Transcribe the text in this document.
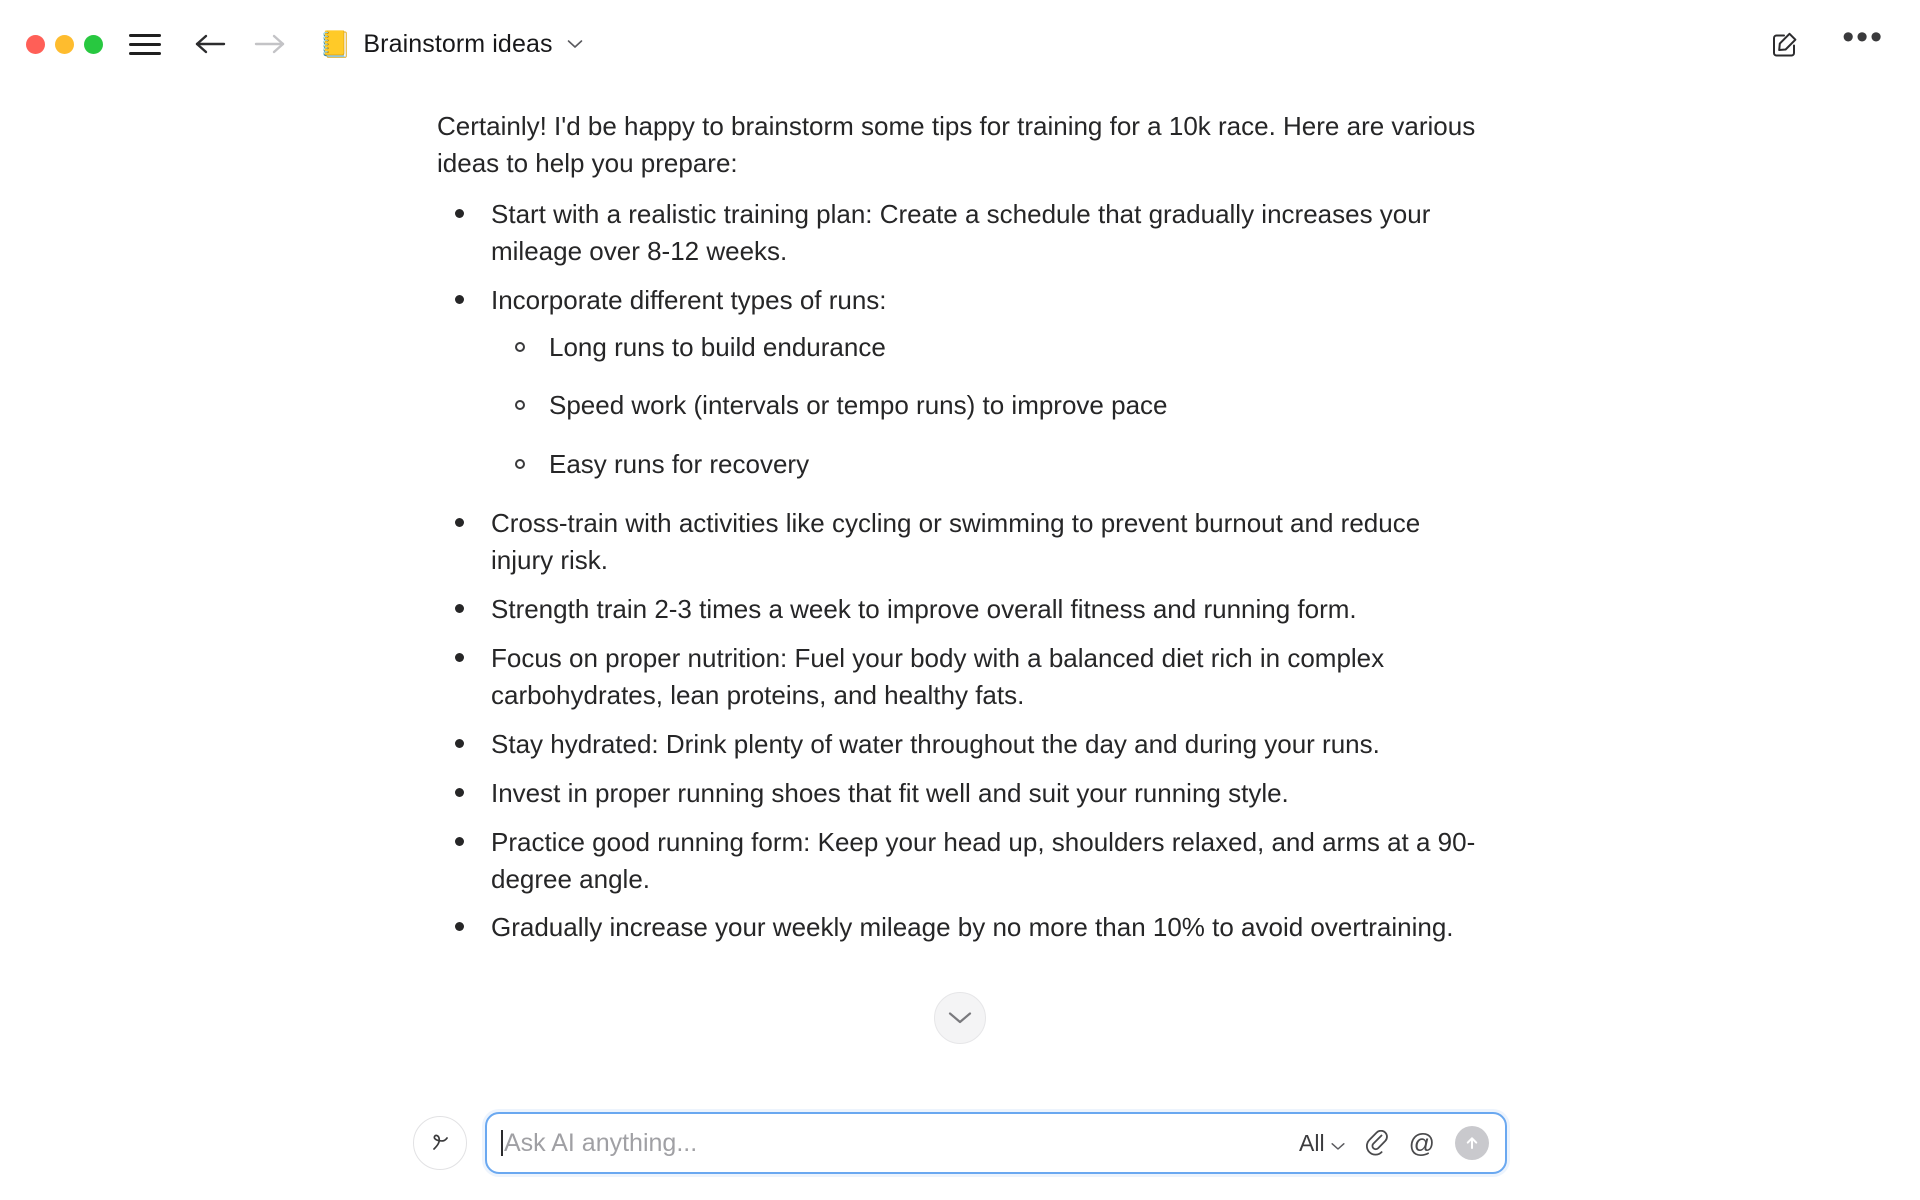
📒 Brainstorm ideas	•••

Certainly! I'd be happy to brainstorm some tips for training for a 10k race. Here are various ideas to help you prepare:

Start with a realistic training plan: Create a schedule that gradually increases your mileage over 8-12 weeks.
Incorporate different types of runs:
Long runs to build endurance
Speed work (intervals or tempo runs) to improve pace
Easy runs for recovery
Cross-train with activities like cycling or swimming to prevent burnout and reduce injury risk.
Strength train 2-3 times a week to improve overall fitness and running form.
Focus on proper nutrition: Fuel your body with a balanced diet rich in complex carbohydrates, lean proteins, and healthy fats.
Stay hydrated: Drink plenty of water throughout the day and during your runs.
Invest in proper running shoes that fit well and suit your running style.
Practice good running form: Keep your head up, shoulders relaxed, and arms at a 90-degree angle.
Gradually increase your weekly mileage by no more than 10% to avoid overtraining.
Ask AI anything...	All	@
